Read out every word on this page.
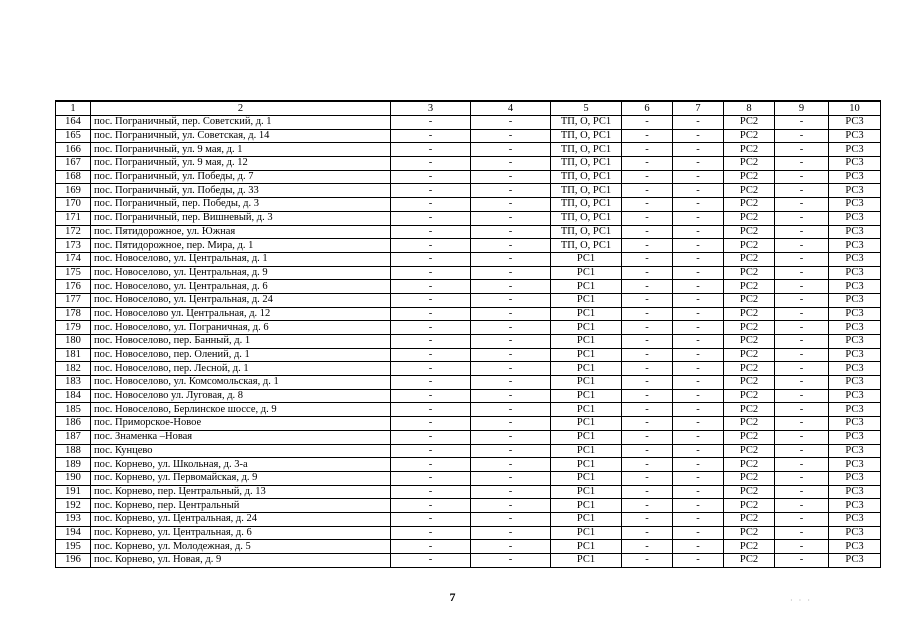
1	2	3	4	5	6	7	8	9	10
164	пос. Пограничный, пер. Советский, д. 1	-	-	ТП, О, РС1	-	-	РС2	-	РС3
165	пос. Пограничный, ул. Советская, д. 14	-	-	ТП, О, РС1	-	-	РС2	-	РС3
166	пос. Пограничный, ул. 9 мая, д. 1	-	-	ТП, О, РС1	-	-	РС2	-	РС3
167	пос. Пограничный, ул. 9 мая, д. 12	-	-	ТП, О, РС1	-	-	РС2	-	РС3
168	пос. Пограничный, ул. Победы, д. 7	-	-	ТП, О, РС1	-	-	РС2	-	РС3
169	пос. Пограничный, ул. Победы, д. 33	-	-	ТП, О, РС1	-	-	РС2	-	РС3
170	пос. Пограничный, пер. Победы, д. 3	-	-	ТП, О, РС1	-	-	РС2	-	РС3
171	пос. Пограничный, пер. Вишневый, д. 3	-	-	ТП, О, РС1	-	-	РС2	-	РС3
172	пос. Пятидорожное, ул. Южная	-	-	ТП, О, РС1	-	-	РС2	-	РС3
173	пос. Пятидорожное, пер. Мира, д. 1	-	-	ТП, О, РС1	-	-	РС2	-	РС3
174	пос. Новоселово, ул. Центральная, д. 1	-	-	РС1	-	-	РС2	-	РС3
175	пос. Новоселово, ул. Центральная, д. 9	-	-	РС1	-	-	РС2	-	РС3
176	пос. Новоселово, ул. Центральная, д. 6	-	-	РС1	-	-	РС2	-	РС3
177	пос. Новоселово, ул. Центральная, д. 24	-	-	РС1	-	-	РС2	-	РС3
178	пос. Новоселово ул. Центральная, д. 12	-	-	РС1	-	-	РС2	-	РС3
179	пос. Новоселово, ул. Пограничная, д. 6	-	-	РС1	-	-	РС2	-	РС3
180	пос. Новоселово, пер. Банный, д. 1	-	-	РС1	-	-	РС2	-	РС3
181	пос. Новоселово, пер. Олений, д. 1	-	-	РС1	-	-	РС2	-	РС3
182	пос. Новоселово, пер. Лесной, д. 1	-	-	РС1	-	-	РС2	-	РС3
183	пос. Новоселово, ул. Комсомольская, д. 1	-	-	РС1	-	-	РС2	-	РС3
184	пос. Новоселово ул. Луговая, д. 8	-	-	РС1	-	-	РС2	-	РС3
185	пос. Новоселово, Берлинское шоссе, д. 9	-	-	РС1	-	-	РС2	-	РС3
186	пос. Приморское-Новое	-	-	РС1	-	-	РС2	-	РС3
187	пос. Знаменка –Новая	-	-	РС1	-	-	РС2	-	РС3
188	пос. Кунцево	-	-	РС1	-	-	РС2	-	РС3
189	пос. Корнево, ул. Школьная, д. 3-а	-	-	РС1	-	-	РС2	-	РС3
190	пос. Корнево, ул. Первомайская, д. 9	-	-	РС1	-	-	РС2	-	РС3
191	пос. Корнево, пер. Центральный, д. 13	-	-	РС1	-	-	РС2	-	РС3
192	пос. Корнево, пер. Центральный	-	-	РС1	-	-	РС2	-	РС3
193	пос. Корнево, ул. Центральная, д. 24	-	-	РС1	-	-	РС2	-	РС3
194	пос. Корнево, ул. Центральная, д. 6	-	-	РС1	-	-	РС2	-	РС3
195	пос. Корнево, ул. Молодежная, д. 5	-	-	РС1	-	-	РС2	-	РС3
196	пос. Корнево, ул. Новая, д. 9	-	-	РС1	-	-	РС2	-	РС3
7	· · ·
